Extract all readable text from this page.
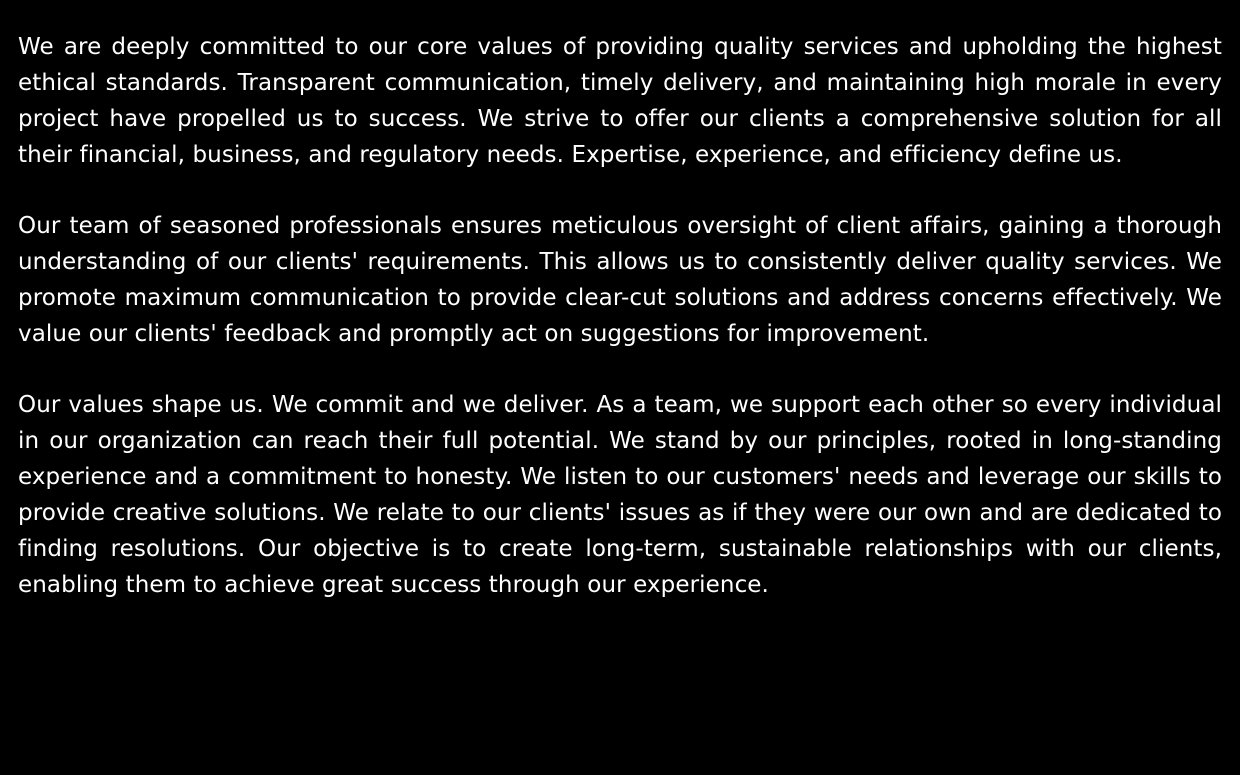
We are deeply committed to our core values of providing quality services and upholding the highest ethical standards. Transparent communication, timely delivery, and maintaining high morale in every project have propelled us to success. We strive to offer our clients a comprehensive solution for all their financial, business, and regulatory needs. Expertise, experience, and efficiency define us.

Our team of seasoned professionals ensures meticulous oversight of client affairs, gaining a thorough understanding of our clients' requirements. This allows us to consistently deliver quality services. We promote maximum communication to provide clear-cut solutions and address concerns effectively. We value our clients' feedback and promptly act on suggestions for improvement.

Our values shape us. We commit and we deliver. As a team, we support each other so every individual in our organization can reach their full potential. We stand by our principles, rooted in long-standing experience and a commitment to honesty. We listen to our customers' needs and leverage our skills to provide creative solutions. We relate to our clients' issues as if they were our own and are dedicated to finding resolutions. Our objective is to create long-term, sustainable relationships with our clients, enabling them to achieve great success through our experience.
